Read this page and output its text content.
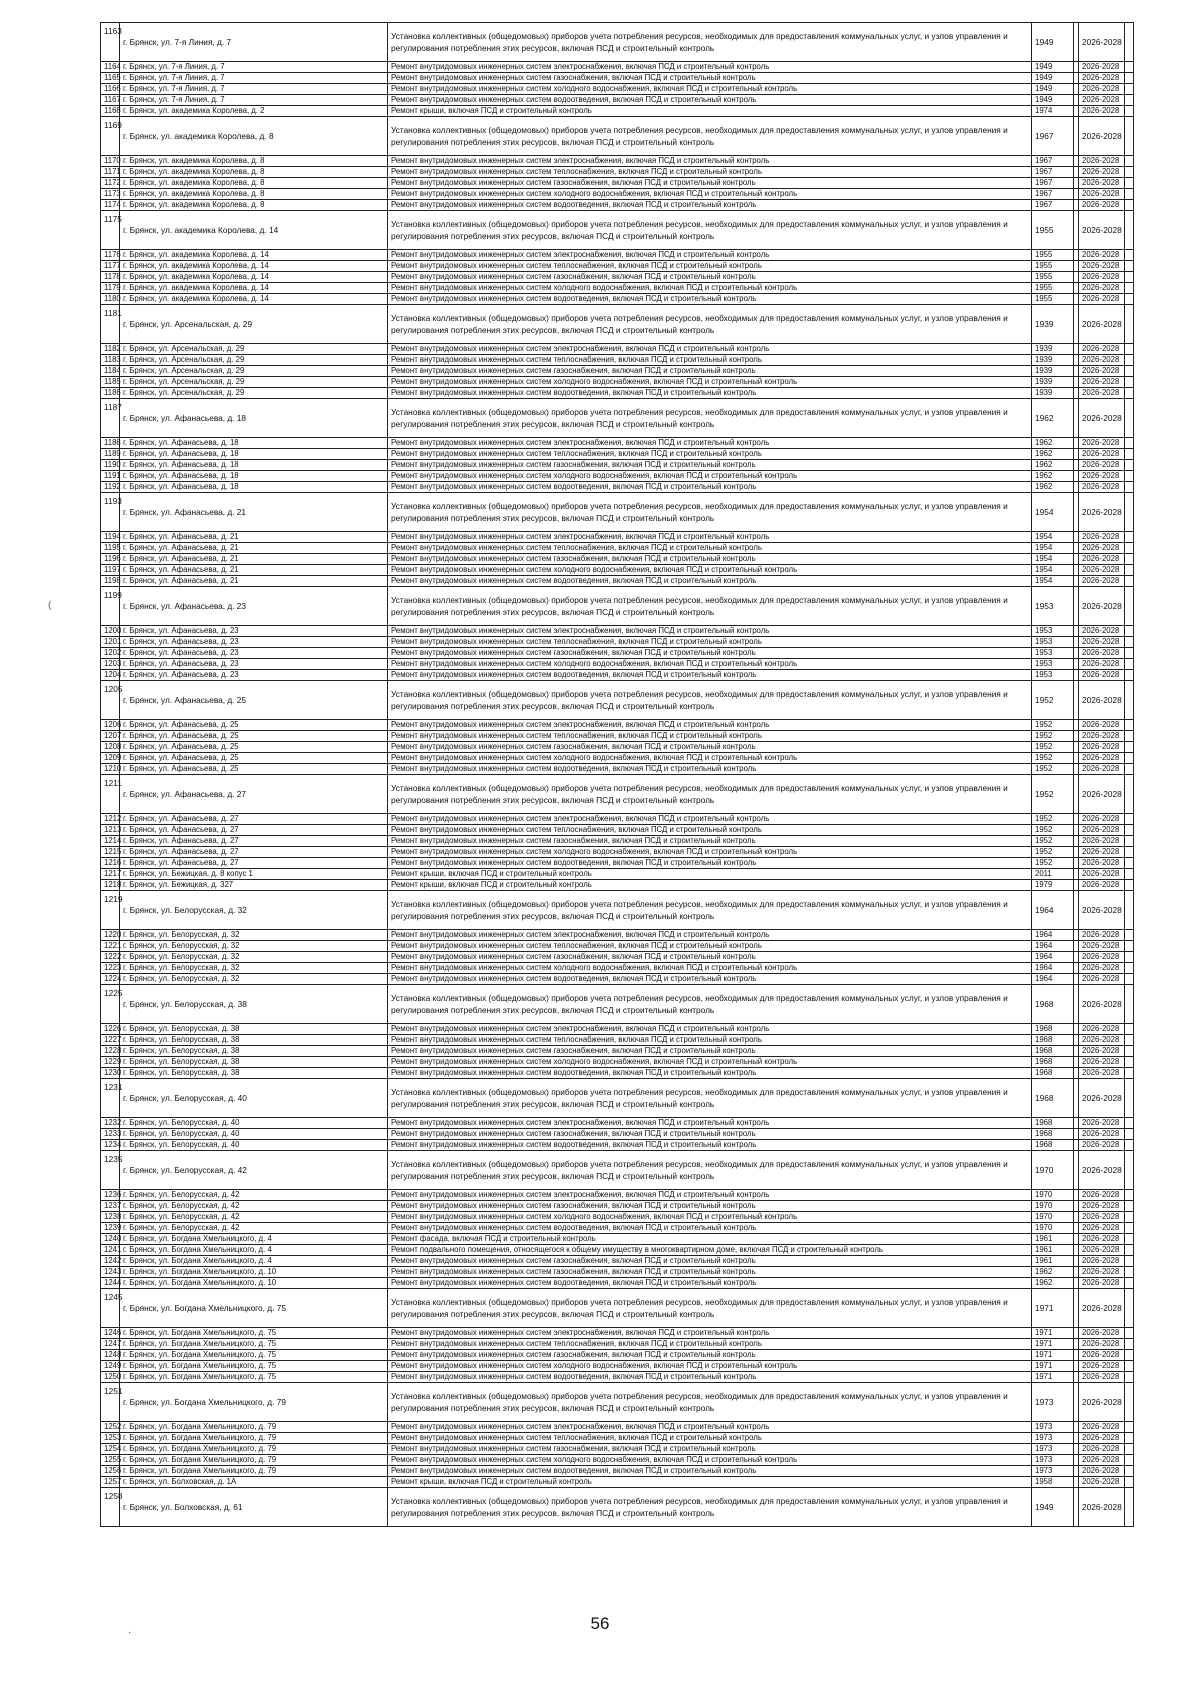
1163	г. Брянск, ул. 7-я Линия, д. 7	Установка коллективных (общедомовых) приборов учета потребления ресурсов, необходимых для предоставления коммунальных услуг, и узлов управления и регулирования потребления этих ресурсов, включая ПСД и строительный контроль	1949		2026-2028	
1164	г. Брянск, ул. 7-я Линия, д. 7	Ремонт внутридомовых инженерных систем электроснабжения, включая ПСД и строительный контроль	1949		2026-2028	
1165	г. Брянск, ул. 7-я Линия, д. 7	Ремонт внутридомовых инженерных систем газоснабжения, включая ПСД и строительный контроль	1949		2026-2028	
1166	г. Брянск, ул. 7-я Линия, д. 7	Ремонт внутридомовых инженерных систем холодного водоснабжения, включая ПСД и строительный контроль	1949		2026-2028	
1167	г. Брянск, ул. 7-я Линия, д. 7	Ремонт внутридомовых инженерных систем водоотведения, включая ПСД и строительный контроль	1949		2026-2028	
1168	г. Брянск, ул. академика Королева, д. 2	Ремонт крыши, включая ПСД и строительный контроль	1974		2026-2028	
1169	г. Брянск, ул. академика Королева, д. 8	Установка коллективных (общедомовых) приборов учета потребления ресурсов, необходимых для предоставления коммунальных услуг, и узлов управления и регулирования потребления этих ресурсов, включая ПСД и строительный контроль	1967		2026-2028	
1170	г. Брянск, ул. академика Королева, д. 8	Ремонт внутридомовых инженерных систем электроснабжения, включая ПСД и строительный контроль	1967		2026-2028	
1171	г. Брянск, ул. академика Королева, д. 8	Ремонт внутридомовых инженерных систем теплоснабжения, включая ПСД и строительный контроль	1967		2026-2028	
1172	г. Брянск, ул. академика Королева, д. 8	Ремонт внутридомовых инженерных систем газоснабжения, включая ПСД и строительный контроль	1967		2026-2028	
1173	г. Брянск, ул. академика Королева, д. 8	Ремонт внутридомовых инженерных систем холодного водоснабжения, включая ПСД и строительный контроль	1967		2026-2028	
1174	г. Брянск, ул. академика Королева, д. 8	Ремонт внутридомовых инженерных систем водоотведения, включая ПСД и строительный контроль	1967		2026-2028	
1175	г. Брянск, ул. академика Королева, д. 14	Установка коллективных (общедомовых) приборов учета потребления ресурсов, необходимых для предоставления коммунальных услуг, и узлов управления и регулирования потребления этих ресурсов, включая ПСД и строительный контроль	1955		2026-2028	
1176	г. Брянск, ул. академика Королева, д. 14	Ремонт внутридомовых инженерных систем электроснабжения, включая ПСД и строительный контроль	1955		2026-2028	
1177	г. Брянск, ул. академика Королева, д. 14	Ремонт внутридомовых инженерных систем теплоснабжения, включая ПСД и строительный контроль	1955		2026-2028	
1178	г. Брянск, ул. академика Королева, д. 14	Ремонт внутридомовых инженерных систем газоснабжения, включая ПСД и строительный контроль	1955		2026-2028	
1179	г. Брянск, ул. академика Королева, д. 14	Ремонт внутридомовых инженерных систем холодного водоснабжения, включая ПСД и строительный контроль	1955		2026-2028	
1180	г. Брянск, ул. академика Королева, д. 14	Ремонт внутридомовых инженерных систем водоотведения, включая ПСД и строительный контроль	1955		2026-2028	
1181	г. Брянск, ул. Арсенальская, д. 29	Установка коллективных (общедомовых) приборов учета потребления ресурсов, необходимых для предоставления коммунальных услуг, и узлов управления и регулирования потребления этих ресурсов, включая ПСД и строительный контроль	1939		2026-2028	
1182	г. Брянск, ул. Арсенальская, д. 29	Ремонт внутридомовых инженерных систем электроснабжения, включая ПСД и строительный контроль	1939		2026-2028	
1183	г. Брянск, ул. Арсенальская, д. 29	Ремонт внутридомовых инженерных систем теплоснабжения, включая ПСД и строительный контроль	1939		2026-2028	
1184	г. Брянск, ул. Арсенальская, д. 29	Ремонт внутридомовых инженерных систем газоснабжения, включая ПСД и строительный контроль	1939		2026-2028	
1185	г. Брянск, ул. Арсенальская, д. 29	Ремонт внутридомовых инженерных систем холодного водоснабжения, включая ПСД и строительный контроль	1939		2026-2028	
1186	г. Брянск, ул. Арсенальская, д. 29	Ремонт внутридомовых инженерных систем водоотведения, включая ПСД и строительный контроль	1939		2026-2028	
1187	г. Брянск, ул. Афанасьева, д. 18	Установка коллективных (общедомовых) приборов учета потребления ресурсов, необходимых для предоставления коммунальных услуг, и узлов управления и регулирования потребления этих ресурсов, включая ПСД и строительный контроль	1962		2026-2028	
1188	г. Брянск, ул. Афанасьева, д. 18	Ремонт внутридомовых инженерных систем электроснабжения, включая ПСД и строительный контроль	1962		2026-2028	
1189	г. Брянск, ул. Афанасьева, д. 18	Ремонт внутридомовых инженерных систем теплоснабжения, включая ПСД и строительный контроль	1962		2026-2028	
1190	г. Брянск, ул. Афанасьева, д. 18	Ремонт внутридомовых инженерных систем газоснабжения, включая ПСД и строительный контроль	1962		2026-2028	
1191	г. Брянск, ул. Афанасьева, д. 18	Ремонт внутридомовых инженерных систем холодного водоснабжения, включая ПСД и строительный контроль	1962		2026-2028	
1192	г. Брянск, ул. Афанасьева, д. 18	Ремонт внутридомовых инженерных систем водоотведения, включая ПСД и строительный контроль	1962		2026-2028	
1193	г. Брянск, ул. Афанасьева, д. 21	Установка коллективных (общедомовых) приборов учета потребления ресурсов, необходимых для предоставления коммунальных услуг, и узлов управления и регулирования потребления этих ресурсов, включая ПСД и строительный контроль	1954		2026-2028	
1194	г. Брянск, ул. Афанасьева, д. 21	Ремонт внутридомовых инженерных систем электроснабжения, включая ПСД и строительный контроль	1954		2026-2028	
1195	г. Брянск, ул. Афанасьева, д. 21	Ремонт внутридомовых инженерных систем теплоснабжения, включая ПСД и строительный контроль	1954		2026-2028	
1196	г. Брянск, ул. Афанасьева, д. 21	Ремонт внутридомовых инженерных систем газоснабжения, включая ПСД и строительный контроль	1954		2026-2028	
1197	г. Брянск, ул. Афанасьева, д. 21	Ремонт внутридомовых инженерных систем холодного водоснабжения, включая ПСД и строительный контроль	1954		2026-2028	
1198	г. Брянск, ул. Афанасьева, д. 21	Ремонт внутридомовых инженерных систем водоотведения, включая ПСД и строительный контроль	1954		2026-2028	
1199	г. Брянск, ул. Афанасьева, д. 23	Установка коллективных (общедомовых) приборов учета потребления ресурсов, необходимых для предоставления коммунальных услуг, и узлов управления и регулирования потребления этих ресурсов, включая ПСД и строительный контроль	1953		2026-2028	
1200	г. Брянск, ул. Афанасьева, д. 23	Ремонт внутридомовых инженерных систем электроснабжения, включая ПСД и строительный контроль	1953		2026-2028	
1201	г. Брянск, ул. Афанасьева, д. 23	Ремонт внутридомовых инженерных систем теплоснабжения, включая ПСД и строительный контроль	1953		2026-2028	
1202	г. Брянск, ул. Афанасьева, д. 23	Ремонт внутридомовых инженерных систем газоснабжения, включая ПСД и строительный контроль	1953		2026-2028	
1203	г. Брянск, ул. Афанасьева, д. 23	Ремонт внутридомовых инженерных систем холодного водоснабжения, включая ПСД и строительный контроль	1953		2026-2028	
1204	г. Брянск, ул. Афанасьева, д. 23	Ремонт внутридомовых инженерных систем водоотведения, включая ПСД и строительный контроль	1953		2026-2028	
1205	г. Брянск, ул. Афанасьева, д. 25	Установка коллективных (общедомовых) приборов учета потребления ресурсов, необходимых для предоставления коммунальных услуг, и узлов управления и регулирования потребления этих ресурсов, включая ПСД и строительный контроль	1952		2026-2028	
1206	г. Брянск, ул. Афанасьева, д. 25	Ремонт внутридомовых инженерных систем электроснабжения, включая ПСД и строительный контроль	1952		2026-2028	
1207	г. Брянск, ул. Афанасьева, д. 25	Ремонт внутридомовых инженерных систем теплоснабжения, включая ПСД и строительный контроль	1952		2026-2028	
1208	г. Брянск, ул. Афанасьева, д. 25	Ремонт внутридомовых инженерных систем газоснабжения, включая ПСД и строительный контроль	1952		2026-2028	
1209	г. Брянск, ул. Афанасьева, д. 25	Ремонт внутридомовых инженерных систем холодного водоснабжения, включая ПСД и строительный контроль	1952		2026-2028	
1210	г. Брянск, ул. Афанасьева, д. 25	Ремонт внутридомовых инженерных систем водоотведения, включая ПСД и строительный контроль	1952		2026-2028	
1211	г. Брянск, ул. Афанасьева, д. 27	Установка коллективных (общедомовых) приборов учета потребления ресурсов, необходимых для предоставления коммунальных услуг, и узлов управления и регулирования потребления этих ресурсов, включая ПСД и строительный контроль	1952		2026-2028	
1212	г. Брянск, ул. Афанасьева, д. 27	Ремонт внутридомовых инженерных систем электроснабжения, включая ПСД и строительный контроль	1952		2026-2028	
1213	г. Брянск, ул. Афанасьева, д. 27	Ремонт внутридомовых инженерных систем теплоснабжения, включая ПСД и строительный контроль	1952		2026-2028	
1214	г. Брянск, ул. Афанасьева, д. 27	Ремонт внутридомовых инженерных систем газоснабжения, включая ПСД и строительный контроль	1952		2026-2028	
1215	г. Брянск, ул. Афанасьева, д. 27	Ремонт внутридомовых инженерных систем холодного водоснабжения, включая ПСД и строительный контроль	1952		2026-2028	
1216	г. Брянск, ул. Афанасьева, д. 27	Ремонт внутридомовых инженерных систем водоотведения, включая ПСД и строительный контроль	1952		2026-2028	
1217	г. Брянск, ул. Бежицкая, д. 8 копус 1	Ремонт крыши, включая ПСД и строительный контроль	2011		2026-2028	
1218	г. Брянск, ул. Бежицкая, д. 327	Ремонт крыши, включая ПСД и строительный контроль	1979		2026-2028	
1219	г. Брянск, ул. Белорусская, д. 32	Установка коллективных (общедомовых) приборов учета потребления ресурсов, необходимых для предоставления коммунальных услуг, и узлов управления и регулирования потребления этих ресурсов, включая ПСД и строительный контроль	1964		2026-2028	
1220	г. Брянск, ул. Белорусская, д. 32	Ремонт внутридомовых инженерных систем электроснабжения, включая ПСД и строительный контроль	1964		2026-2028	
1221	г. Брянск, ул. Белорусская, д. 32	Ремонт внутридомовых инженерных систем теплоснабжения, включая ПСД и строительный контроль	1964		2026-2028	
1222	г. Брянск, ул. Белорусская, д. 32	Ремонт внутридомовых инженерных систем газоснабжения, включая ПСД и строительный контроль	1964		2026-2028	
1223	г. Брянск, ул. Белорусская, д. 32	Ремонт внутридомовых инженерных систем холодного водоснабжения, включая ПСД и строительный контроль	1964		2026-2028	
1224	г. Брянск, ул. Белорусская, д. 32	Ремонт внутридомовых инженерных систем водоотведения, включая ПСД и строительный контроль	1964		2026-2028	
1225	г. Брянск, ул. Белорусская, д. 38	Установка коллективных (общедомовых) приборов учета потребления ресурсов, необходимых для предоставления коммунальных услуг, и узлов управления и регулирования потребления этих ресурсов, включая ПСД и строительный контроль	1968		2026-2028	
1226	г. Брянск, ул. Белорусская, д. 38	Ремонт внутридомовых инженерных систем электроснабжения, включая ПСД и строительный контроль	1968		2026-2028	
1227	г. Брянск, ул. Белорусская, д. 38	Ремонт внутридомовых инженерных систем теплоснабжения, включая ПСД и строительный контроль	1968		2026-2028	
1228	г. Брянск, ул. Белорусская, д. 38	Ремонт внутридомовых инженерных систем газоснабжения, включая ПСД и строительный контроль	1968		2026-2028	
1229	г. Брянск, ул. Белорусская, д. 38	Ремонт внутридомовых инженерных систем холодного водоснабжения, включая ПСД и строительный контроль	1968		2026-2028	
1230	г. Брянск, ул. Белорусская, д. 38	Ремонт внутридомовых инженерных систем водоотведения, включая ПСД и строительный контроль	1968		2026-2028	
1231	г. Брянск, ул. Белорусская, д. 40	Установка коллективных (общедомовых) приборов учета потребления ресурсов, необходимых для предоставления коммунальных услуг, и узлов управления и регулирования потребления этих ресурсов, включая ПСД и строительный контроль	1968		2026-2028	
1232	г. Брянск, ул. Белорусская, д. 40	Ремонт внутридомовых инженерных систем электроснабжения, включая ПСД и строительный контроль	1968		2026-2028	
1233	г. Брянск, ул. Белорусская, д. 40	Ремонт внутридомовых инженерных систем газоснабжения, включая ПСД и строительный контроль	1968		2026-2028	
1234	г. Брянск, ул. Белорусская, д. 40	Ремонт внутридомовых инженерных систем водоотведения, включая ПСД и строительный контроль	1968		2026-2028	
1235	г. Брянск, ул. Белорусская, д. 42	Установка коллективных (общедомовых) приборов учета потребления ресурсов, необходимых для предоставления коммунальных услуг, и узлов управления и регулирования потребления этих ресурсов, включая ПСД и строительный контроль	1970		2026-2028	
1236	г. Брянск, ул. Белорусская, д. 42	Ремонт внутридомовых инженерных систем электроснабжения, включая ПСД и строительный контроль	1970		2026-2028	
1237	г. Брянск, ул. Белорусская, д. 42	Ремонт внутридомовых инженерных систем газоснабжения, включая ПСД и строительный контроль	1970		2026-2028	
1238	г. Брянск, ул. Белорусская, д. 42	Ремонт внутридомовых инженерных систем холодного водоснабжения, включая ПСД и строительный контроль	1970		2026-2028	
1239	г. Брянск, ул. Белорусская, д. 42	Ремонт внутридомовых инженерных систем водоотведения, включая ПСД и строительный контроль	1970		2026-2028	
1240	г. Брянск, ул. Богдана Хмельницкого, д. 4	Ремонт фасада, включая ПСД и строительный контроль	1961		2026-2028	
1241	г. Брянск, ул. Богдана Хмельницкого, д. 4	Ремонт подвального помещения, относящегося к общему имуществу в многоквартирном доме, включая ПСД и строительный контроль	1961		2026-2028	
1242	г. Брянск, ул. Богдана Хмельницкого, д. 4	Ремонт внутридомовых инженерных систем газоснабжения, включая ПСД и строительный контроль	1961		2026-2028	
1243	г. Брянск, ул. Богдана Хмельницкого, д. 10	Ремонт внутридомовых инженерных систем газоснабжения, включая ПСД и строительный контроль	1962		2026-2028	
1244	г. Брянск, ул. Богдана Хмельницкого, д. 10	Ремонт внутридомовых инженерных систем водоотведения, включая ПСД и строительный контроль	1962		2026-2028	
1245	г. Брянск, ул. Богдана Хмельницкого, д. 75	Установка коллективных (общедомовых) приборов учета потребления ресурсов, необходимых для предоставления коммунальных услуг, и узлов управления и регулирования потребления этих ресурсов, включая ПСД и строительный контроль	1971		2026-2028	
1246	г. Брянск, ул. Богдана Хмельницкого, д. 75	Ремонт внутридомовых инженерных систем электроснабжения, включая ПСД и строительный контроль	1971		2026-2028	
1247	г. Брянск, ул. Богдана Хмельницкого, д. 75	Ремонт внутридомовых инженерных систем теплоснабжения, включая ПСД и строительный контроль	1971		2026-2028	
1248	г. Брянск, ул. Богдана Хмельницкого, д. 75	Ремонт внутридомовых инженерных систем газоснабжения, включая ПСД и строительный контроль	1971		2026-2028	
1249	г. Брянск, ул. Богдана Хмельницкого, д. 75	Ремонт внутридомовых инженерных систем холодного водоснабжения, включая ПСД и строительный контроль	1971		2026-2028	
1250	г. Брянск, ул. Богдана Хмельницкого, д. 75	Ремонт внутридомовых инженерных систем водоотведения, включая ПСД и строительный контроль	1971		2026-2028	
1251	г. Брянск, ул. Богдана Хмельницкого, д. 79	Установка коллективных (общедомовых) приборов учета потребления ресурсов, необходимых для предоставления коммунальных услуг, и узлов управления и регулирования потребления этих ресурсов, включая ПСД и строительный контроль	1973		2026-2028	
1252	г. Брянск, ул. Богдана Хмельницкого, д. 79	Ремонт внутридомовых инженерных систем электроснабжения, включая ПСД и строительный контроль	1973		2026-2028	
1253	г. Брянск, ул. Богдана Хмельницкого, д. 79	Ремонт внутридомовых инженерных систем теплоснабжения, включая ПСД и строительный контроль	1973		2026-2028	
1254	г. Брянск, ул. Богдана Хмельницкого, д. 79	Ремонт внутридомовых инженерных систем газоснабжения, включая ПСД и строительный контроль	1973		2026-2028	
1255	г. Брянск, ул. Богдана Хмельницкого, д. 79	Ремонт внутридомовых инженерных систем холодного водоснабжения, включая ПСД и строительный контроль	1973		2026-2028	
1256	г. Брянск, ул. Богдана Хмельницкого, д. 79	Ремонт внутридомовых инженерных систем водоотведения, включая ПСД и строительный контроль	1973		2026-2028	
1257	г. Брянск, ул. Болховская, д. 1А	Ремонт крыши, включая ПСД и строительный контроль	1958		2026-2028	
1258	г. Брянск, ул. Болховская, д. 61	Установка коллективных (общедомовых) приборов учета потребления ресурсов, необходимых для предоставления коммунальных услуг, и узлов управления и регулирования потребления этих ресурсов, включая ПСД и строительный контроль	1949		2026-2028	
(
56
·
